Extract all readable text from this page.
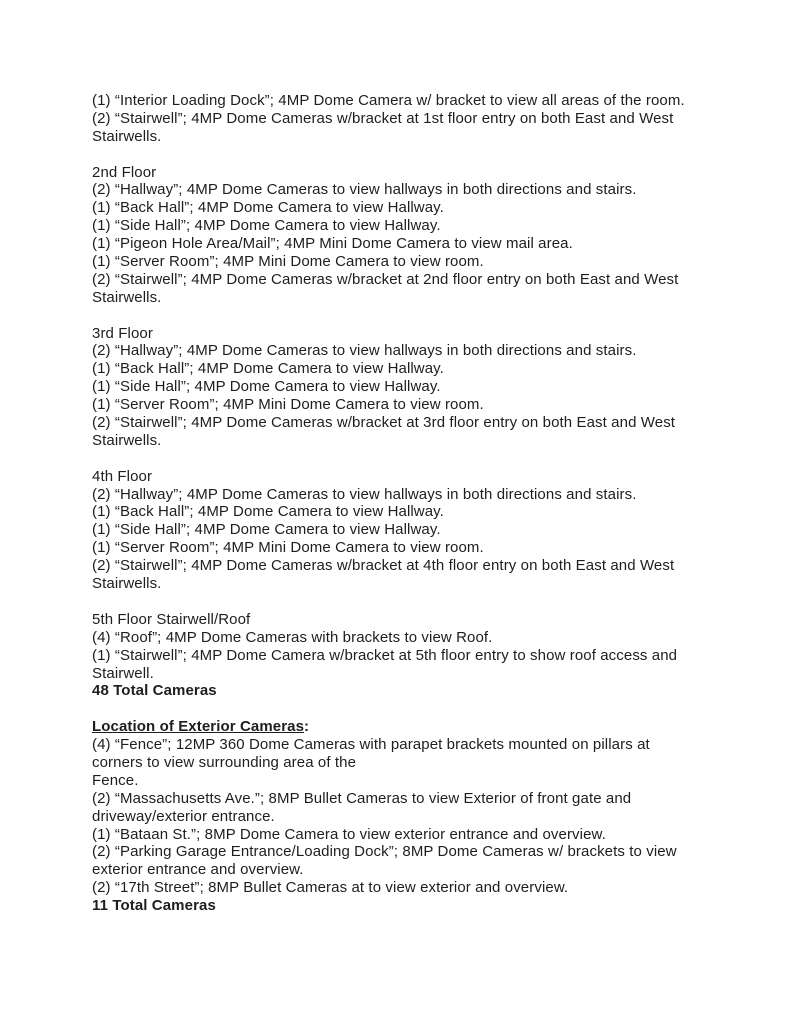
(1) “Interior Loading Dock”; 4MP Dome Camera w/ bracket to view all areas of the room.
(2) “Stairwell”; 4MP Dome Cameras w/bracket at 1st floor entry on both East and West
Stairwells.

2nd Floor
(2) “Hallway”; 4MP Dome Cameras to view hallways in both directions and stairs.
(1) “Back Hall”; 4MP Dome Camera to view Hallway.
(1) “Side Hall”; 4MP Dome Camera to view Hallway.
(1) “Pigeon Hole Area/Mail”; 4MP Mini Dome Camera to view mail area.
(1) “Server Room”; 4MP Mini Dome Camera to view room.
(2) “Stairwell”; 4MP Dome Cameras w/bracket at 2nd floor entry on both East and West
Stairwells.

3rd Floor
(2) “Hallway”; 4MP Dome Cameras to view hallways in both directions and stairs.
(1) “Back Hall”; 4MP Dome Camera to view Hallway.
(1) “Side Hall”; 4MP Dome Camera to view Hallway.
(1) “Server Room”; 4MP Mini Dome Camera to view room.
(2) “Stairwell”; 4MP Dome Cameras w/bracket at 3rd floor entry on both East and West
Stairwells.

4th Floor
(2) “Hallway”; 4MP Dome Cameras to view hallways in both directions and stairs.
(1) “Back Hall”; 4MP Dome Camera to view Hallway.
(1) “Side Hall”; 4MP Dome Camera to view Hallway.
(1) “Server Room”; 4MP Mini Dome Camera to view room.
(2) “Stairwell”; 4MP Dome Cameras w/bracket at 4th floor entry on both East and West
Stairwells.

5th Floor Stairwell/Roof
(4) “Roof”; 4MP Dome Cameras with brackets to view Roof.
(1) “Stairwell”; 4MP Dome Camera w/bracket at 5th floor entry to show roof access and
Stairwell.
48 Total Cameras

Location of Exterior Cameras:
(4) “Fence”; 12MP 360 Dome Cameras with parapet brackets mounted on pillars at
corners to view surrounding area of the
Fence.
(2) “Massachusetts Ave.”; 8MP Bullet Cameras to view Exterior of front gate and
driveway/exterior entrance.
(1) “Bataan St.”; 8MP Dome Camera to view exterior entrance and overview.
(2) “Parking Garage Entrance/Loading Dock”; 8MP Dome Cameras w/ brackets to view
exterior entrance and overview.
(2) “17th Street”; 8MP Bullet Cameras at to view exterior and overview.
11 Total Cameras
